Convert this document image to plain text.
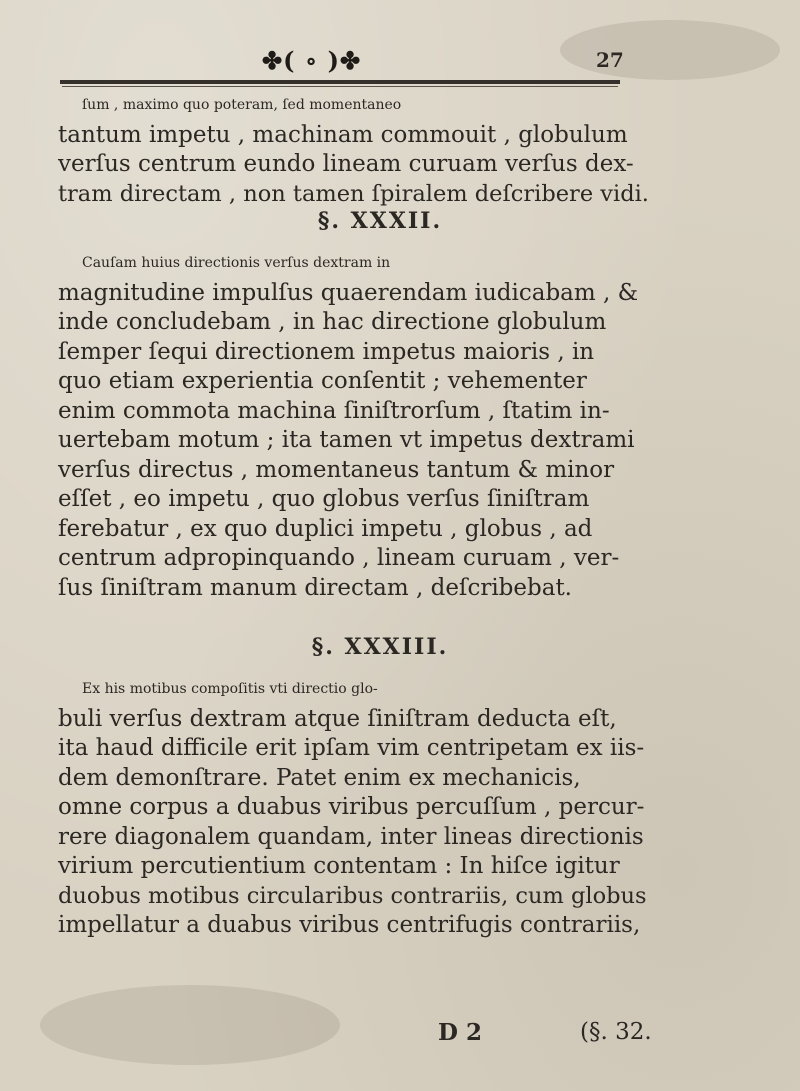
✤( ∘ )✤	27
ſum , maximo quo poteram, ſed momentaneo
tantum impetu , machinam commouit , globulum
verſus centrum eundo lineam curuam verſus dex-
tram directam , non tamen ſpiralem deſcribere vidi.
§. XXXII.
Cauſam huius directionis verſus dextram in
magnitudine impulſus quaerendam iudicabam , &
inde concludebam , in hac directione globulum
ſemper ſequi directionem impetus maioris , in
quo etiam experientia conſentit ; vehementer
enim commota machina ſiniſtrorſum , ſtatim in-
uertebam motum ; ita tamen vt impetus dextrami
verſus directus , momentaneus tantum & minor
eſſet , eo impetu , quo globus verſus ſiniſtram
ferebatur , ex quo duplici impetu , globus , ad
centrum adpropinquando , lineam curuam , ver-
ſus ſiniſtram manum directam , deſcribebat.
§. XXXIII.
Ex his motibus compoſitis vti directio glo-
buli verſus dextram atque ſiniſtram deducta eſt,
ita haud difficile erit ipſam vim centripetam ex iis-
dem demonſtrare. Patet enim ex mechanicis,
omne corpus a duabus viribus percuſſum , percur-
rere diagonalem quandam, inter lineas directionis
virium percutientium contentam : In hiſce igitur
duobus motibus circularibus contrariis, cum globus
impellatur a duabus viribus centrifugis contrariis,
D 2	(§. 32.
